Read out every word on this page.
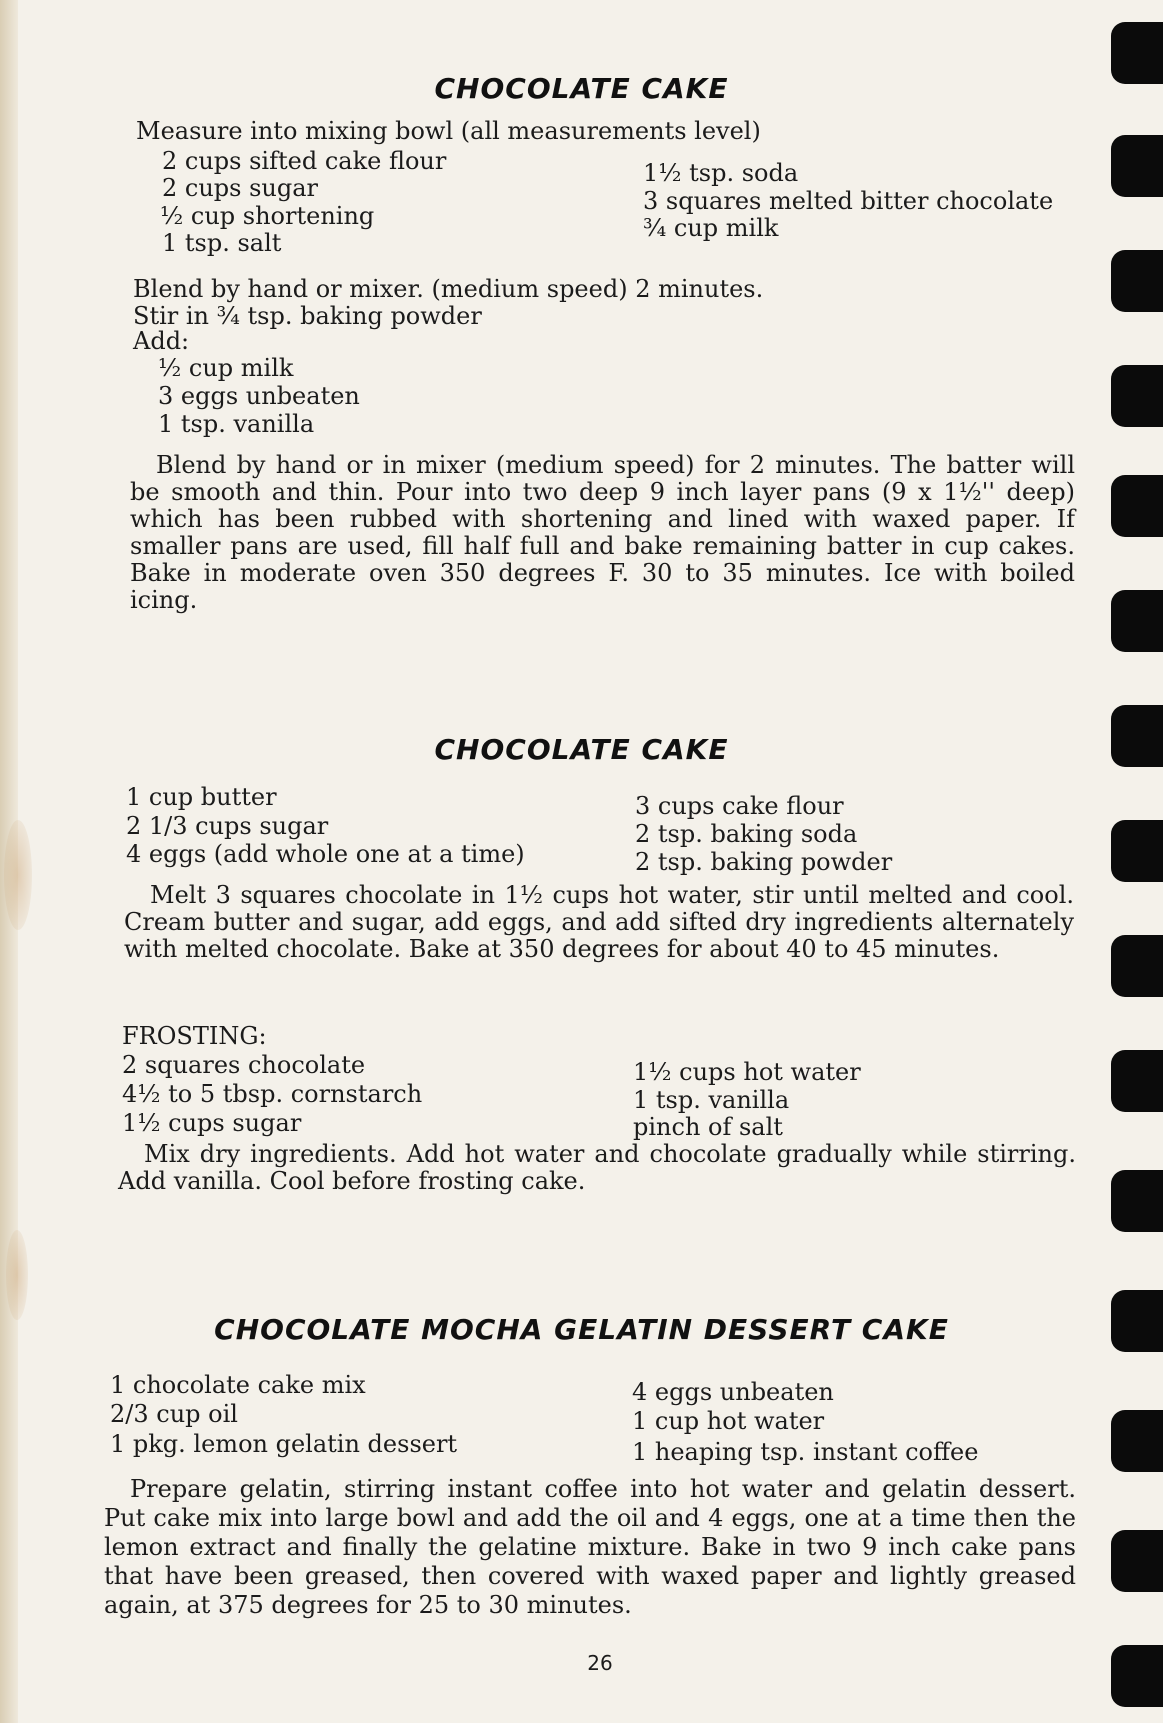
CHOCOLATE CAKE
Measure into mixing bowl (all measurements level)
2 cups sifted cake flour
2 cups sugar
½ cup shortening
1 tsp. salt
1½ tsp. soda
3 squares melted bitter chocolate
¾ cup milk
Blend by hand or mixer. (medium speed) 2 minutes.
Stir in ¾ tsp. baking powder
Add:
½ cup milk
3 eggs unbeaten
1 tsp. vanilla
Blend by hand or in mixer (medium speed) for 2 minutes. The batter will be smooth and thin. Pour into two deep 9 inch layer pans (9 x 1½'' deep) which has been rubbed with shortening and lined with waxed paper. If smaller pans are used, fill half full and bake remaining batter in cup cakes. Bake in moderate oven 350 degrees F. 30 to 35 minutes. Ice with boiled icing.
CHOCOLATE CAKE
1 cup butter
2 1/3 cups sugar
4 eggs (add whole one at a time)
3 cups cake flour
2 tsp. baking soda
2 tsp. baking powder
Melt 3 squares chocolate in 1½ cups hot water, stir until melted and cool. Cream butter and sugar, add eggs, and add sifted dry ingredients alternately with melted chocolate. Bake at 350 degrees for about 40 to 45 minutes.
FROSTING:
2 squares chocolate
4½ to 5 tbsp. cornstarch
1½ cups sugar
1½ cups hot water
1 tsp. vanilla
pinch of salt
Mix dry ingredients. Add hot water and chocolate gradually while stirring. Add vanilla. Cool before frosting cake.
CHOCOLATE MOCHA GELATIN DESSERT CAKE
1 chocolate cake mix
2/3 cup oil
1 pkg. lemon gelatin dessert
4 eggs unbeaten
1 cup hot water
1 heaping tsp. instant coffee
Prepare gelatin, stirring instant coffee into hot water and gelatin dessert. Put cake mix into large bowl and add the oil and 4 eggs, one at a time then the lemon extract and finally the gelatine mixture. Bake in two 9 inch cake pans that have been greased, then covered with waxed paper and lightly greased again, at 375 degrees for 25 to 30 minutes.
26
